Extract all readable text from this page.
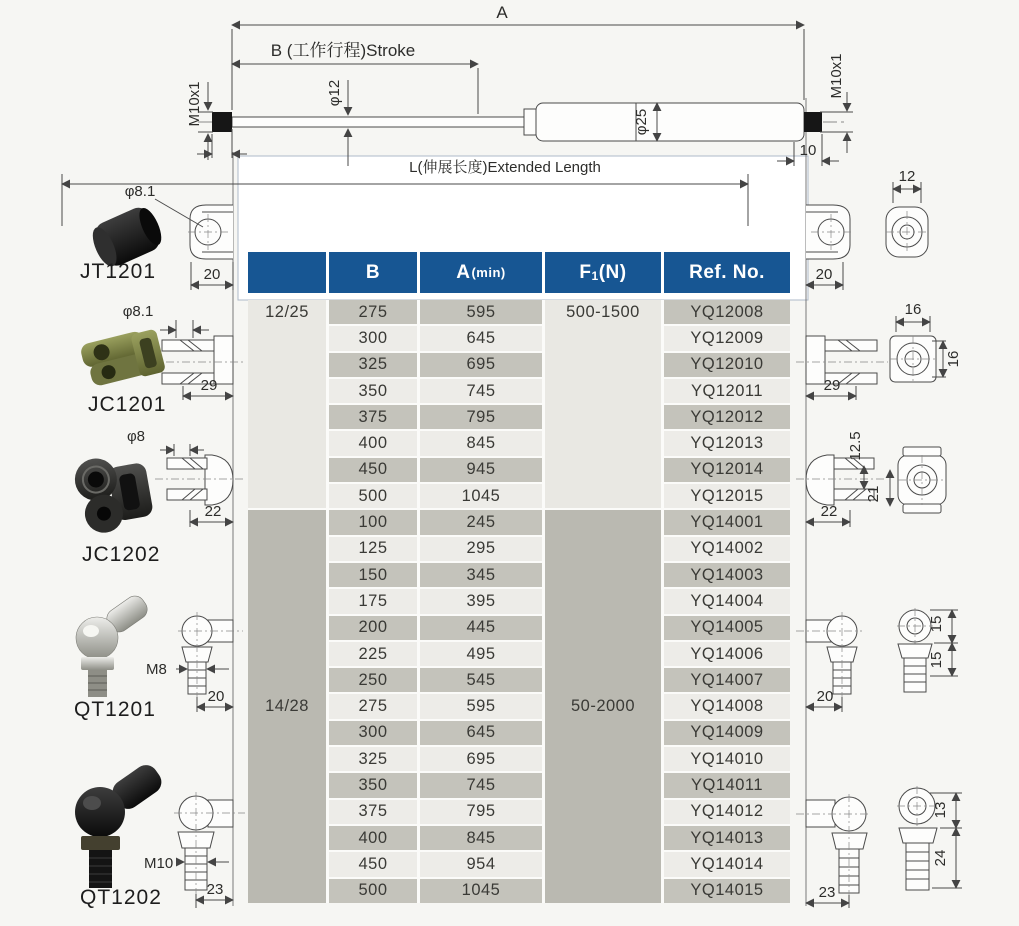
A
B (工作行程)Stroke
φ12
M10x1	φ25
M10x1
10
L(伸展长度)Extended Length
φ8.1
20
φ8.1
29
φ8
22
M8
20
M10
23
20
12
29
16
16
12.5
21
22
20
15
15
23
13
24
JT1201
JC1201
JC1202
QT1201
QT1202
B	A (min)	$F_1$ (N)	Ref. No.
12/25	500-1500
275	595	YQ12008
300	645	YQ12009
325	695	YQ12010
350	745	YQ12011
375	795	YQ12012
400	845	YQ12013
450	945	YQ12014
500	1045	YQ12015
14/28	50-2000
100	245	YQ14001
125	295	YQ14002
150	345	YQ14003
175	395	YQ14004
200	445	YQ14005
225	495	YQ14006
250	545	YQ14007
275	595	YQ14008
300	645	YQ14009
325	695	YQ14010
350	745	YQ14011
375	795	YQ14012
400	845	YQ14013
450	954	YQ14014
500	1045	YQ14015
